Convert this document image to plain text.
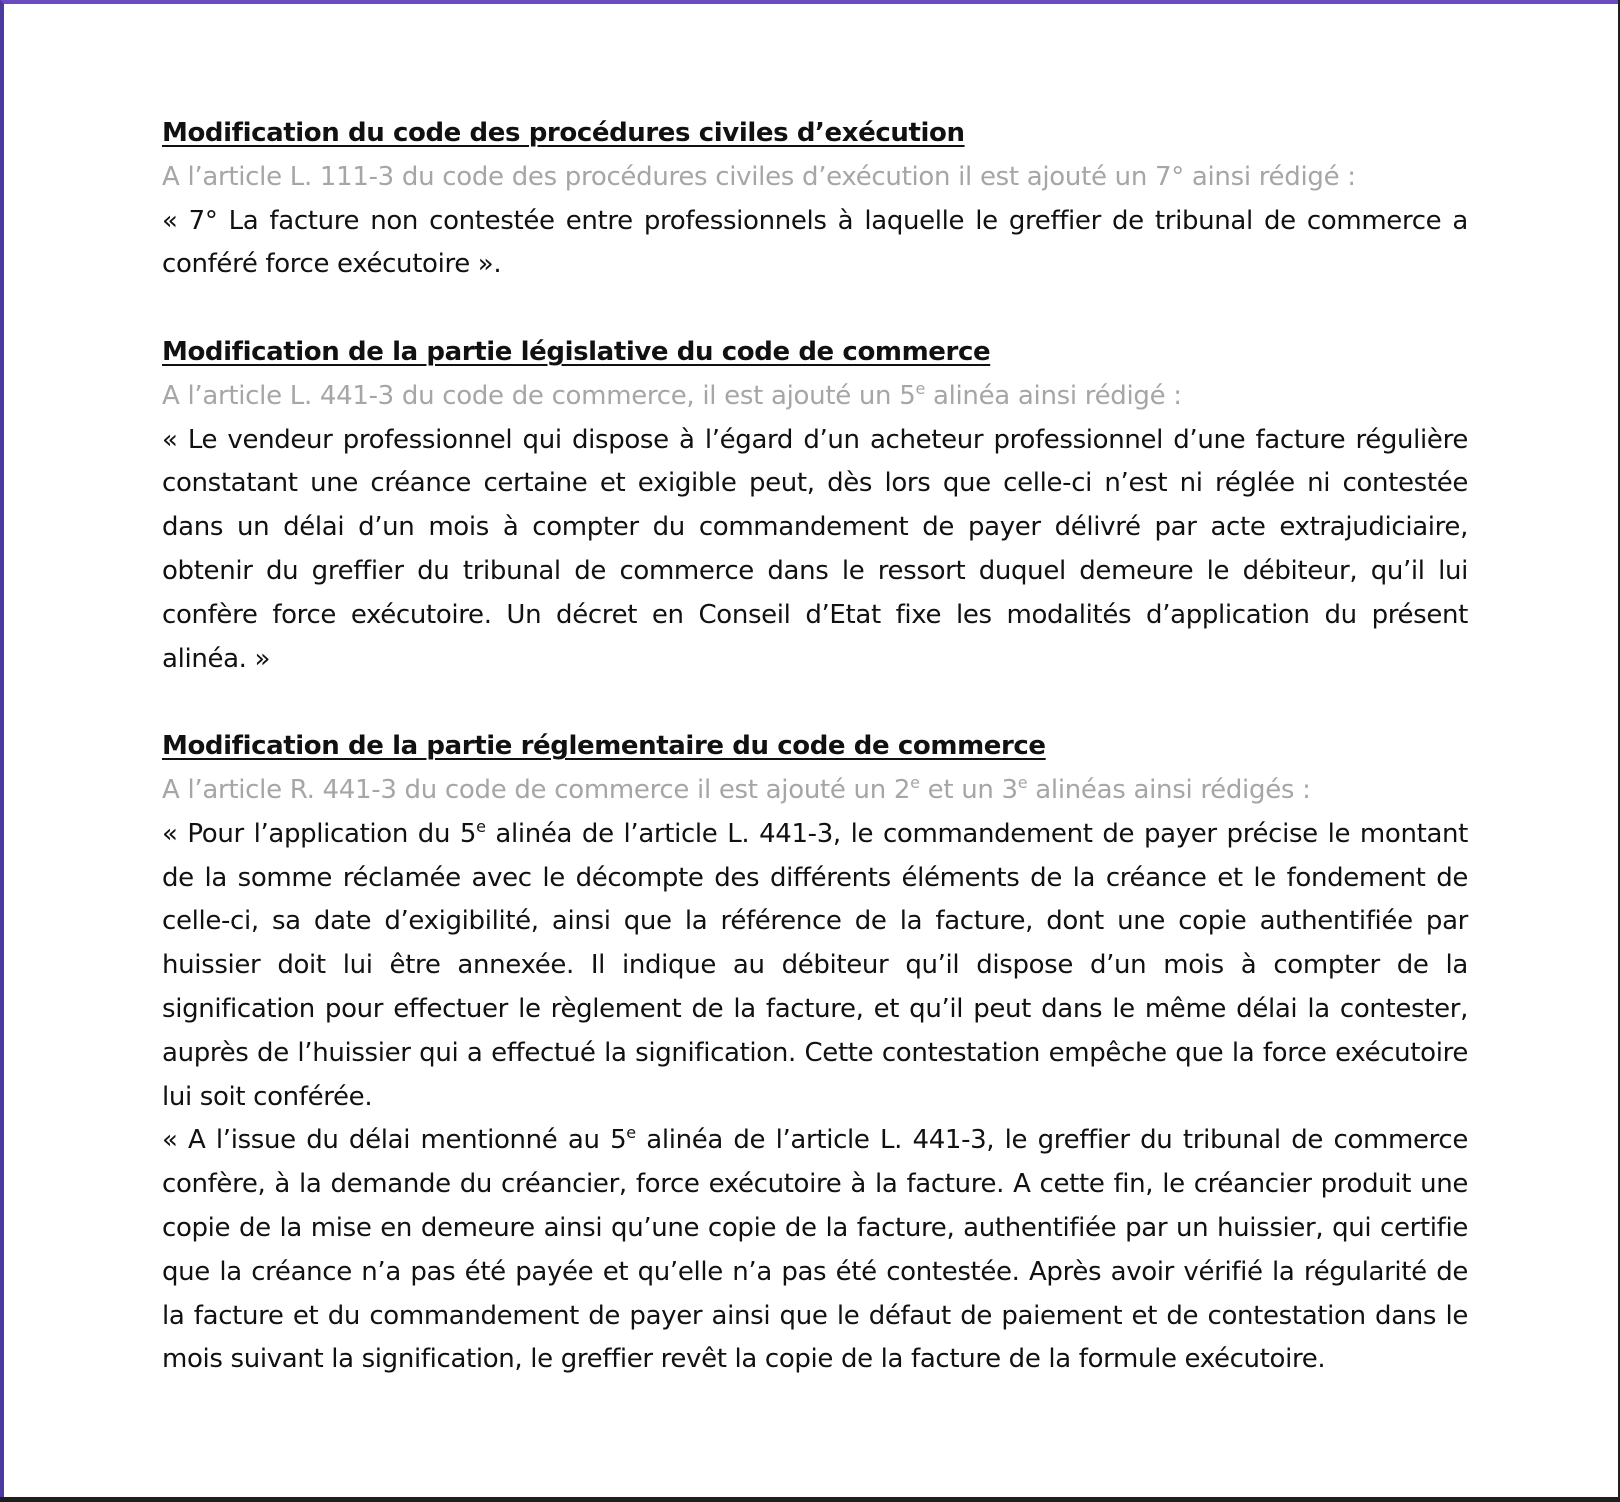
Modification du code des procédures civiles d’exécution

A l’article L. 111-3 du code des procédures civiles d’exécution il est ajouté un 7° ainsi rédigé :

« 7° La facture non contestée entre professionnels à laquelle le greffier de tribunal de commerce a conféré force exécutoire ».

Modification de la partie législative du code de commerce

A l’article L. 441-3 du code de commerce, il est ajouté un 5e alinéa ainsi rédigé :

« Le vendeur professionnel qui dispose à l’égard d’un acheteur professionnel d’une facture régulière constatant une créance certaine et exigible peut, dès lors que celle-ci n’est ni réglée ni contestée dans un délai d’un mois à compter du commandement de payer délivré par acte extrajudiciaire, obtenir du greffier du tribunal de commerce dans le ressort duquel demeure le débiteur, qu’il lui confère force exécutoire. Un décret en Conseil d’Etat fixe les modalités d’application du présent alinéa. »

Modification de la partie réglementaire du code de commerce

A l’article R. 441-3 du code de commerce il est ajouté un 2e et un 3e alinéas ainsi rédigés :

« Pour l’application du 5e alinéa de l’article L. 441-3, le commandement de payer précise le montant de la somme réclamée avec le décompte des différents éléments de la créance et le fondement de celle-ci, sa date d’exigibilité, ainsi que la référence de la facture, dont une copie authentifiée par huissier doit lui être annexée. Il indique au débiteur qu’il dispose d’un mois à compter de la signification pour effectuer le règlement de la facture, et qu’il peut dans le même délai la contester, auprès de l’huissier qui a effectué la signification. Cette contestation empêche que la force exécutoire lui soit conférée.

« A l’issue du délai mentionné au 5e alinéa de l’article L. 441-3, le greffier du tribunal de commerce confère, à la demande du créancier, force exécutoire à la facture. A cette fin, le créancier produit une copie de la mise en demeure ainsi qu’une copie de la facture, authentifiée par un huissier, qui certifie que la créance n’a pas été payée et qu’elle n’a pas été contestée. Après avoir vérifié la régularité de la facture et du commandement de payer ainsi que le défaut de paiement et de contestation dans le mois suivant la signification, le greffier revêt la copie de la facture de la formule exécutoire.
